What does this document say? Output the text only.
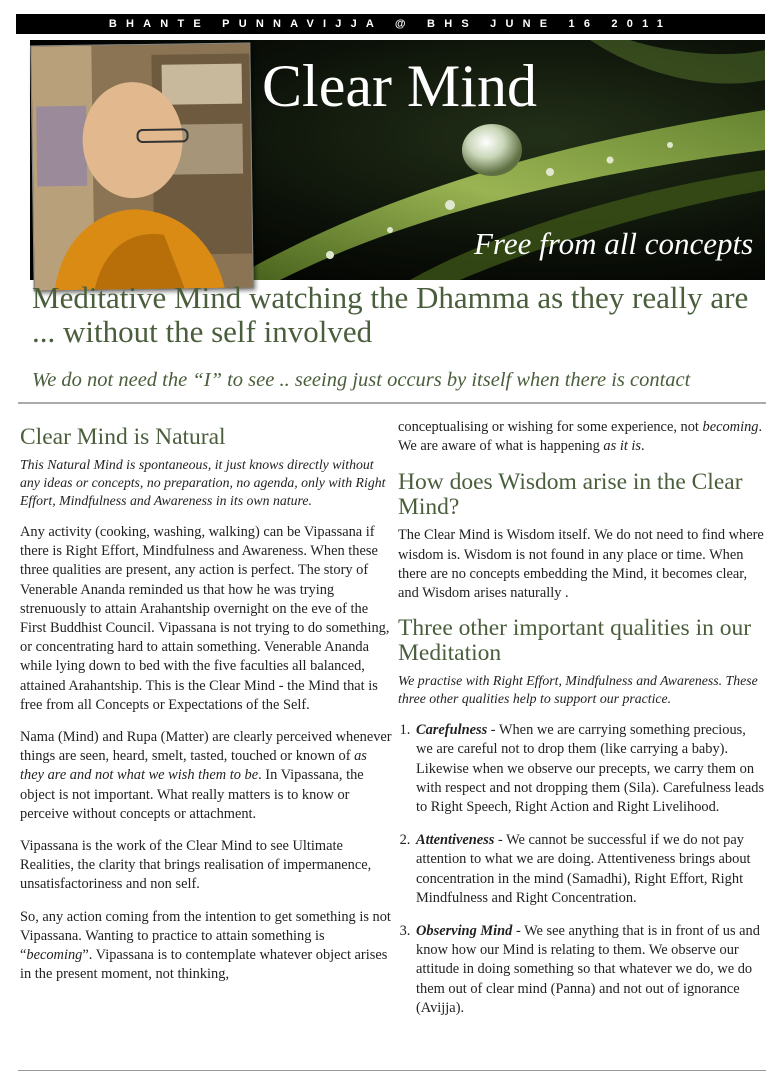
BHANTE PUNNAVIJJA @ BHS JUNE 16 2011
Clear Mind
Free from all concepts
Meditative Mind watching the Dhamma as they really are ... without the self involved
We do not need the “I” to see .. seeing just occurs by itself when there is contact
Clear Mind is Natural

This Natural Mind is spontaneous, it just knows directly without any ideas or concepts, no preparation, no agenda, only with Right Effort, Mindfulness and Awareness in its own nature.

Any activity (cooking, washing, walking) can be Vipassana if there is Right Effort, Mindfulness and Awareness. When these three qualities are present, any action is perfect. The story of Venerable Ananda reminded us that how he was trying strenuously to attain Arahantship overnight on the eve of the First Buddhist Council. Vipassana is not trying to do something, or concentrating hard to attain something. Venerable Ananda while lying down to bed with the five faculties all balanced, attained Arahantship. This is the Clear Mind - the Mind that is free from all Concepts or Expectations of the Self.

Nama (Mind) and Rupa (Matter) are clearly perceived whenever things are seen, heard, smelt, tasted, touched or known of as they are and not what we wish them to be. In Vipassana, the object is not important. What really matters is to know or perceive without concepts or attachment.

Vipassana is the work of the Clear Mind to see Ultimate Realities, the clarity that brings realisation of impermanence, unsatisfactoriness and non self.

So, any action coming from the intention to get something is not Vipassana. Wanting to practice to attain something is “becoming”. Vipassana is to contemplate whatever object arises in the present moment, not thinking,

conceptualising or wishing for some experience, not becoming. We are aware of what is happening as it is.

How does Wisdom arise in the Clear Mind?

The Clear Mind is Wisdom itself. We do not need to find where wisdom is. Wisdom is not found in any place or time. When there are no concepts embedding the Mind, it becomes clear, and Wisdom arises naturally .

Three other important qualities in our Meditation

We practise with Right Effort, Mindfulness and Awareness. These three other qualities help to support our practice.

1. Carefulness - When we are carrying something precious, we are careful not to drop them (like carrying a baby). Likewise when we observe our precepts, we carry them on with respect and not dropping them (Sila). Carefulness leads to Right Speech, Right Action and Right Livelihood.
2. Attentiveness - We cannot be successful if we do not pay attention to what we are doing. Attentiveness brings about concentration in the mind (Samadhi), Right Effort, Right Mindfulness and Right Concentration.
3. Observing Mind - We see anything that is in front of us and know how our Mind is relating to them. We observe our attitude in doing something so that whatever we do, we do them out of clear mind (Panna) and not out of ignorance (Avijja).
